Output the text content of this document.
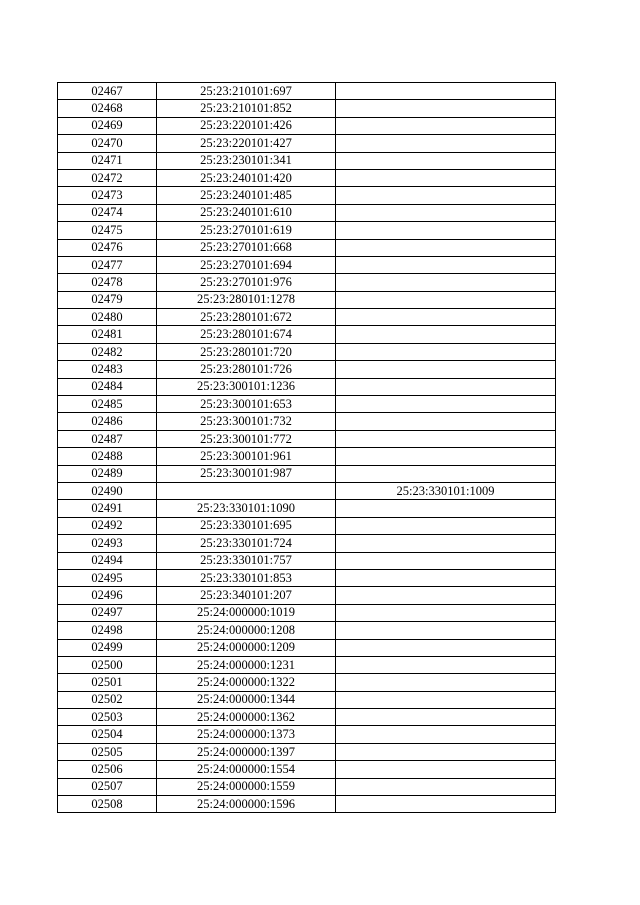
02467	25:23:210101:697	
02468	25:23:210101:852	
02469	25:23:220101:426	
02470	25:23:220101:427	
02471	25:23:230101:341	
02472	25:23:240101:420	
02473	25:23:240101:485	
02474	25:23:240101:610	
02475	25:23:270101:619	
02476	25:23:270101:668	
02477	25:23:270101:694	
02478	25:23:270101:976	
02479	25:23:280101:1278	
02480	25:23:280101:672	
02481	25:23:280101:674	
02482	25:23:280101:720	
02483	25:23:280101:726	
02484	25:23:300101:1236	
02485	25:23:300101:653	
02486	25:23:300101:732	
02487	25:23:300101:772	
02488	25:23:300101:961	
02489	25:23:300101:987	
02490		25:23:330101:1009
02491	25:23:330101:1090	
02492	25:23:330101:695	
02493	25:23:330101:724	
02494	25:23:330101:757	
02495	25:23:330101:853	
02496	25:23:340101:207	
02497	25:24:000000:1019	
02498	25:24:000000:1208	
02499	25:24:000000:1209	
02500	25:24:000000:1231	
02501	25:24:000000:1322	
02502	25:24:000000:1344	
02503	25:24:000000:1362	
02504	25:24:000000:1373	
02505	25:24:000000:1397	
02506	25:24:000000:1554	
02507	25:24:000000:1559	
02508	25:24:000000:1596	
